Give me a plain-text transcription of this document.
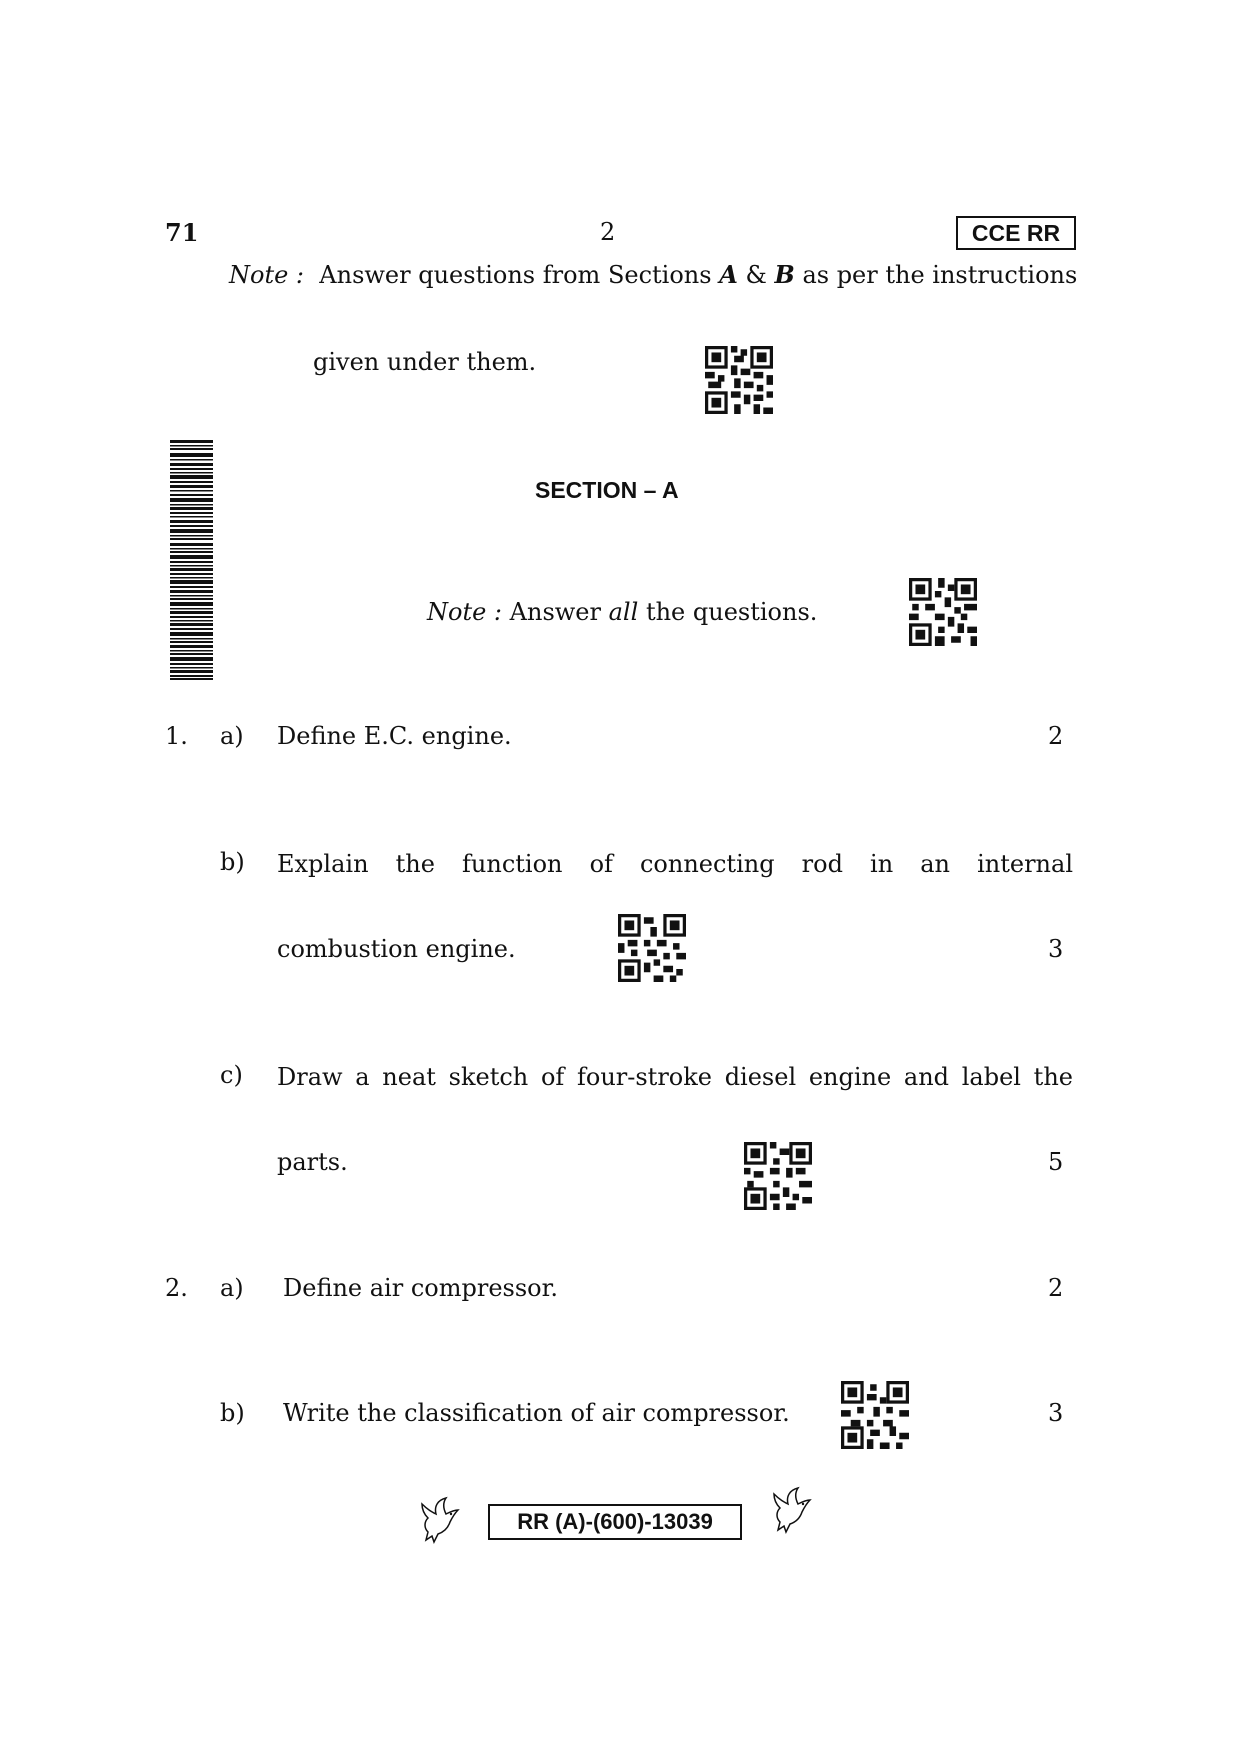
71	2	CCE RR
Note : Answer questions from Sections A & B as per the instructions
given under them.
SECTION – A
Note : Answer all the questions.
1. a) Define E.C. engine.	2
b) Explain the function of connecting rod in an internal
combustion engine.	3
c) Draw a neat sketch of four-stroke diesel engine and label the
parts.	5
2. a) Define air compressor.	2
b) Write the classification of air compressor.	3
RR (A)-(600)-13039
